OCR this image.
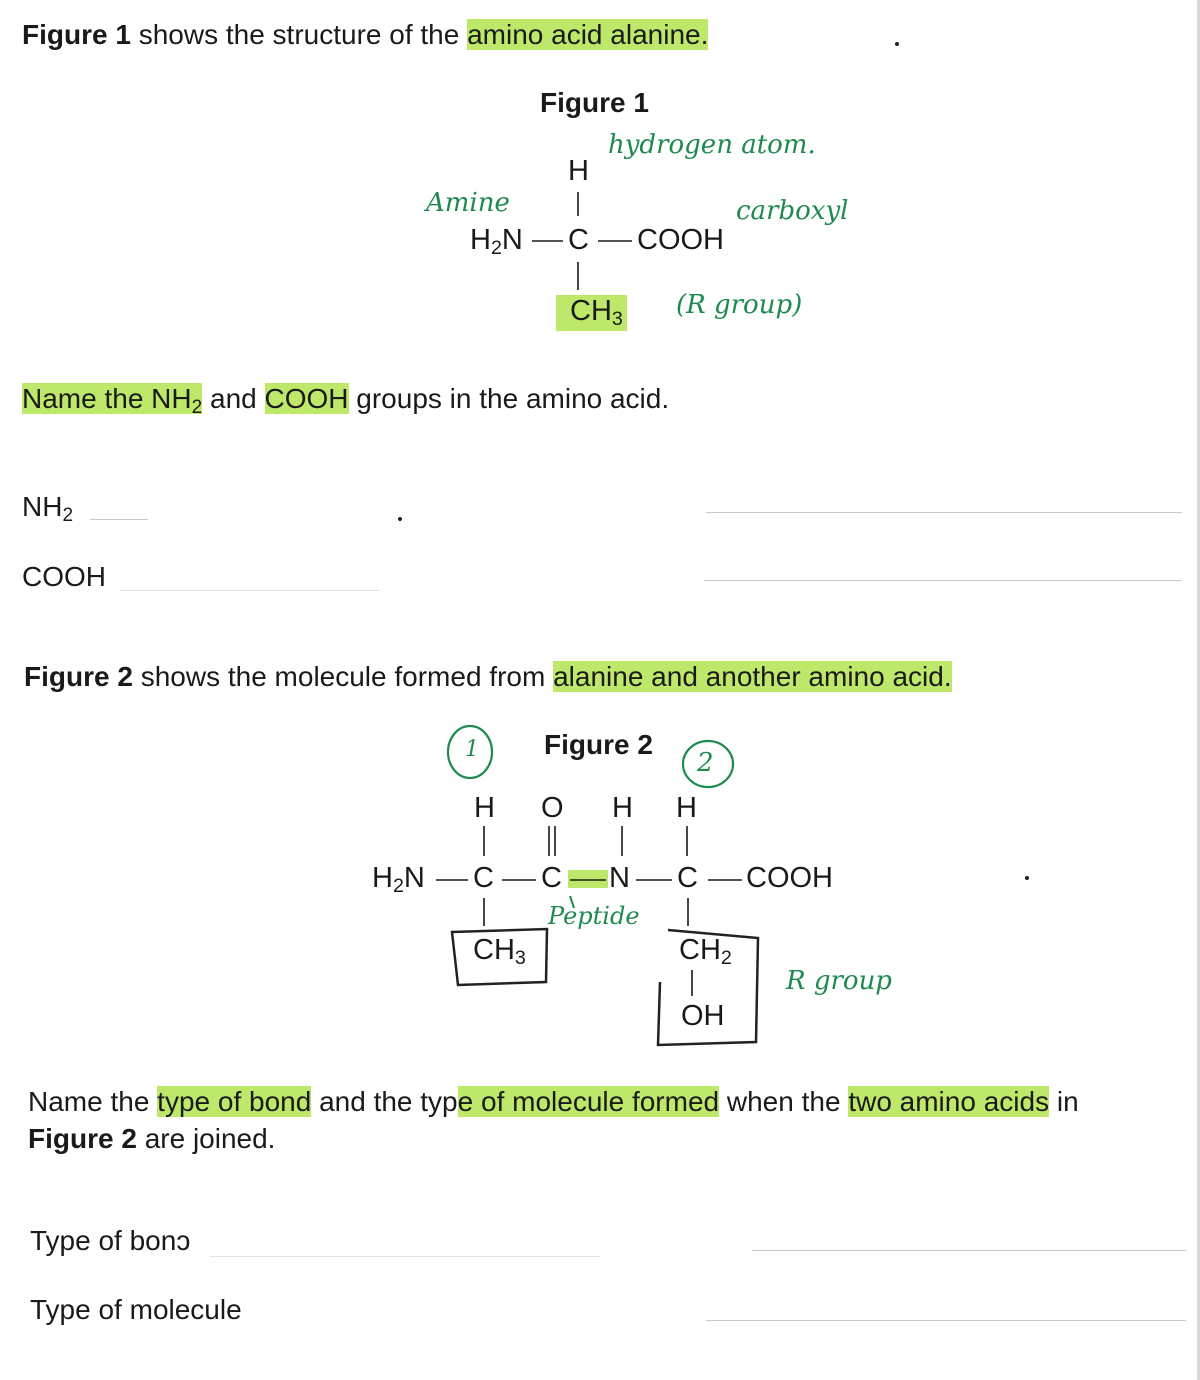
Figure 1 shows the structure of the amino acid alanine.
Figure 1
H
$H_2N$ C COOH
$CH_3$
hydrogen atom.
Amine	carboxyl
(R group)
Name the $NH_2$ and COOH groups in the amino acid.
$NH_2$
COOH
Figure 2 shows the molecule formed from alanine and another amino acid.
Figure 2
H O H H
$H_2N$ C C N C COOH
$CH_3$	$CH_2$
OH
1	2
Peptide
R group
Name the type of bond and the type of molecule formed when the two amino acids in
Figure 2 are joined.
Type of bonɔ
Type of molecule
